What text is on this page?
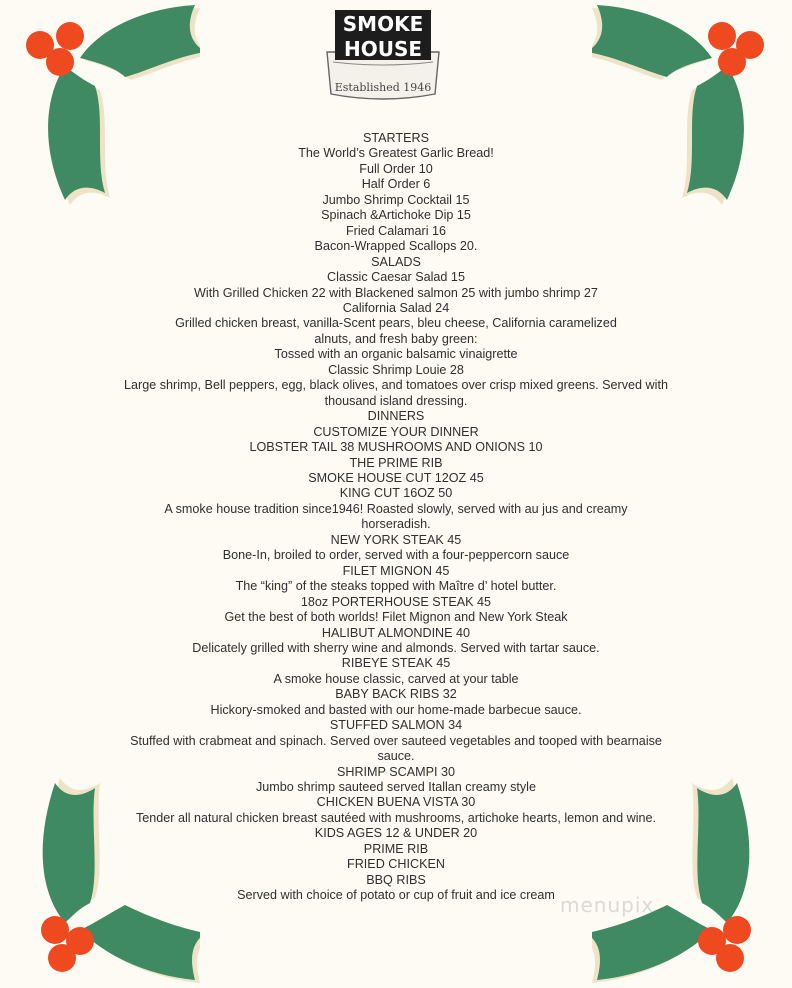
SMOKE
HOUSE
Established 1946
STARTERS
The World’s Greatest Garlic Bread!
Full Order 10
Half Order 6
Jumbo Shrimp Cocktail 15
Spinach &Artichoke Dip 15
Fried Calamari 16
Bacon-Wrapped Scallops 20.
SALADS
Classic Caesar Salad 15
With Grilled Chicken 22 with Blackened salmon 25 with jumbo shrimp 27
California Salad 24
Grilled chicken breast, vanilla-Scent pears, bleu cheese, California caramelized
alnuts, and fresh baby green:
Tossed with an organic balsamic vinaigrette
Classic Shrimp Louie 28
Large shrimp, Bell peppers, egg, black olives, and tomatoes over crisp mixed greens. Served with
thousand island dressing.
DINNERS
CUSTOMIZE YOUR DINNER
LOBSTER TAIL 38 MUSHROOMS AND ONIONS 10
THE PRIME RIB
SMOKE HOUSE CUT 12OZ 45
KING CUT 16OZ 50
A smoke house tradition since1946! Roasted slowly, served with au jus and creamy
horseradish.
NEW YORK STEAK 45
Bone-In, broiled to order, served with a four-peppercorn sauce
FILET MIGNON 45
The “king” of the steaks topped with Maître d’ hotel butter.
18oz PORTERHOUSE STEAK 45
Get the best of both worlds! Filet Mignon and New York Steak
HALIBUT ALMONDINE 40
Delicately grilled with sherry wine and almonds. Served with tartar sauce.
RIBEYE STEAK 45
A smoke house classic, carved at your table
BABY BACK RIBS 32
Hickory-smoked and basted with our home-made barbecue sauce.
STUFFED SALMON 34
Stuffed with crabmeat and spinach. Served over sauteed vegetables and tooped with bearnaise
sauce.
SHRIMP SCAMPI 30
Jumbo shrimp sauteed served Itallan creamy style
CHICKEN BUENA VISTA 30
Tender all natural chicken breast sautéed with mushrooms, artichoke hearts, lemon and wine.
KIDS AGES 12 & UNDER 20
PRIME RIB
FRIED CHICKEN
BBQ RIBS
Served with choice of potato or cup of fruit and ice cream menupix
